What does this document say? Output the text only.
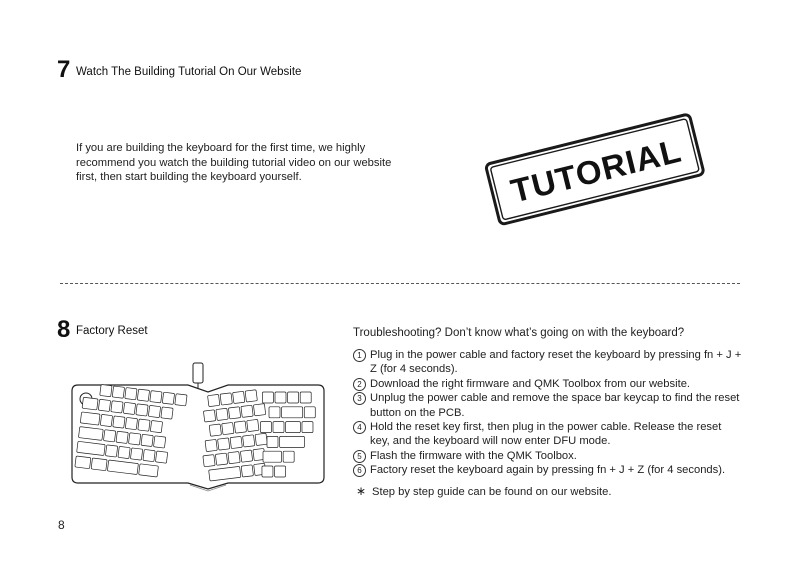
7 Watch The Building Tutorial On Our Website
If you are building the keyboard for the first time, we highly recommend you watch the building tutorial video on our website first, then start building the keyboard yourself.	TUTORIAL
8 Factory Reset	Troubleshooting? Don’t know what’s going on with the keyboard?
1 Plug in the power cable and factory reset the keyboard by pressing fn + J + Z (for 4 seconds).
2 Download the right firmware and QMK Toolbox from our website.
3 Unplug the power cable and remove the space bar keycap to find the reset button on the PCB.
4 Hold the reset key first, then plug in the power cable. Release the reset key, and the keyboard will now enter DFU mode.
5 Flash the firmware with the QMK Toolbox.
6 Factory reset the keyboard again by pressing fn + J + Z (for 4 seconds).
∗ Step by step guide can be found on our website.
8
